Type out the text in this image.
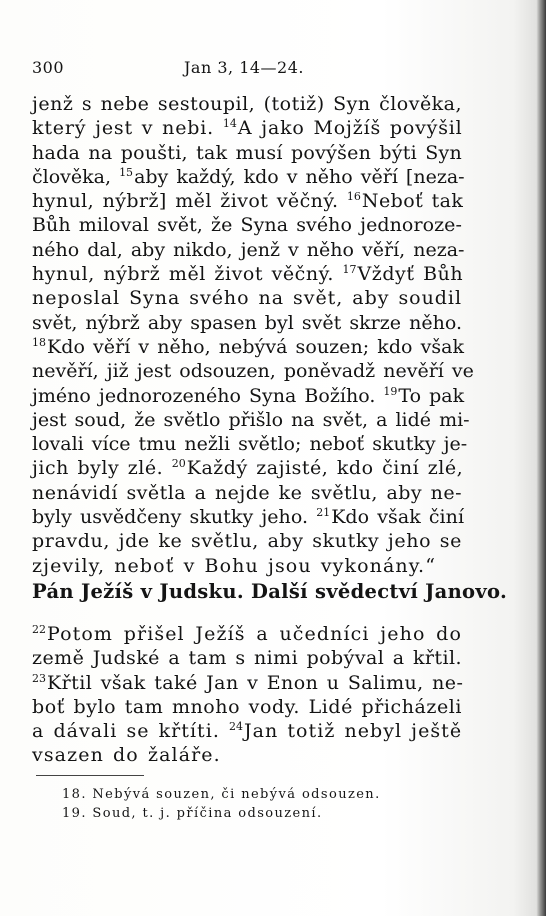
300	Jan 3, 14—24.
jenž s nebe sestoupil, (totiž) Syn člověka,
který jest v nebi. $^{14}$A jako Mojžíš povýšil
hada na poušti, tak musí povýšen býti Syn
člověka, $^{15}$aby každý, kdo v něho věří [neza-
hynul, nýbrž] měl život věčný. $^{16}$Neboť tak
Bůh miloval svět, že Syna svého jednoroze-
ného dal, aby nikdo, jenž v něho věří, neza-
hynul, nýbrž měl život věčný. $^{17}$Vždyť Bůh
neposlal Syna svého na svět, aby soudil
svět, nýbrž aby spasen byl svět skrze něho.
$^{18}$Kdo věří v něho, nebývá souzen; kdo však
nevěří, již jest odsouzen, poněvadž nevěří ve
jméno jednorozeného Syna Božího. $^{19}$To pak
jest soud, že světlo přišlo na svět, a lidé mi-
lovali více tmu nežli světlo; neboť skutky je-
jich byly zlé. $^{20}$Každý zajisté, kdo činí zlé,
nenávidí světla a nejde ke světlu, aby ne-
byly usvědčeny skutky jeho. $^{21}$Kdo však činí
pravdu, jde ke světlu, aby skutky jeho se
zjevily, neboť v Bohu jsou vykonány.“
Pán Ježíš v Judsku. Další svědectví Janovo.
$^{22}$Potom přišel Ježíš a učedníci jeho do
země Judské a tam s nimi pobýval a křtil.
$^{23}$Křtil však také Jan v Enon u Salimu, ne-
boť bylo tam mnoho vody. Lidé přicházeli
a dávali se křtíti. $^{24}$Jan totiž nebyl ještě
vsazen do žaláře.
18. Nebývá souzen, či nebývá odsouzen.
19. Soud, t. j. příčina odsouzení.
